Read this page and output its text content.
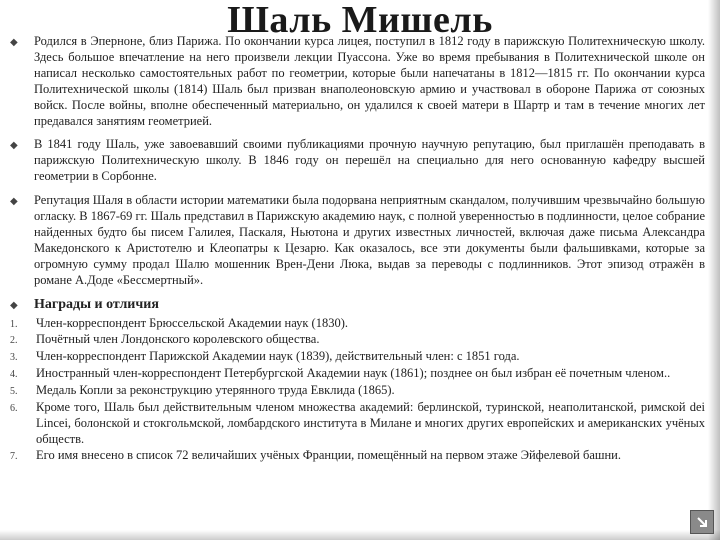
Шаль Мишель
◆	Родился в Эпернoне, близ Парижа. По окончании курса лицея, поступил в 1812 году в парижскую Политехническую школу. Здесь большое впечатление на него произвели лекции Пуассона. Уже во время пребывания в Политехнической школе он написал несколько самостоятельных работ по геометрии, которые были напечатаны в 1812—1815 гг. По окончании курса Политехнической школы (1814) Шаль был призван внаполеоновскую армию и участвовал в обороне Парижа от союзных войск. После войны, вполне обеспеченный материально, он удалился к своей матери в Шартр и там в течение многих лет предавался занятиям геометрией.
◆	В 1841 году Шаль, уже завоевавший своими публикациями прочную научную репутацию, был приглашён преподавать в парижскую Политехническую школу. В 1846 году он перешёл на специально для него основанную кафедру высшей геометрии в Сорбонне.
◆	Репутация Шаля в области истории математики была подорвана неприятным скандалом, получившим чрезвычайно большую огласку. В 1867-69 гг. Шаль представил в Парижскую академию наук, с полной уверенностью в подлинности, целое собрание найденных будто бы писем Галилея, Паскаля, Ньютона и других известных личностей, включая даже письма Александра Македонского к Аристотелю и Клеопатры к Цезарю. Как оказалось, все эти документы были фальшивками, которые за огромную сумму продал Шалю мошенник Врен-Дени Люка, выдав за переводы с подлинников. Этот эпизод отражён в романе А.Доде «Бессмертный».
◆	Награды и отличия
1.	Член-корреспондент Брюссельской Академии наук (1830).
2.	Почётный член Лондонского королевского общества.
3.	Член-корреспондент Парижской Академии наук (1839), действительный член: с 1851 года.
4.	Иностранный член-корреспондент Петербургской Академии наук (1861); позднее он был избран её почетным членом..
5.	Медаль Копли за реконструкцию утерянного труда Евклида (1865).
6.	Кроме того, Шаль был действительным членом множества академий: берлинской, туринской, неаполитанской, римской dei Lincei, болонской и стокгольмской, ломбардского института в Милане и многих других европейских и американских учёных обществ.
7.	Его имя внесено в список 72 величайших учёных Франции, помещённый на первом этаже Эйфелевой башни.
